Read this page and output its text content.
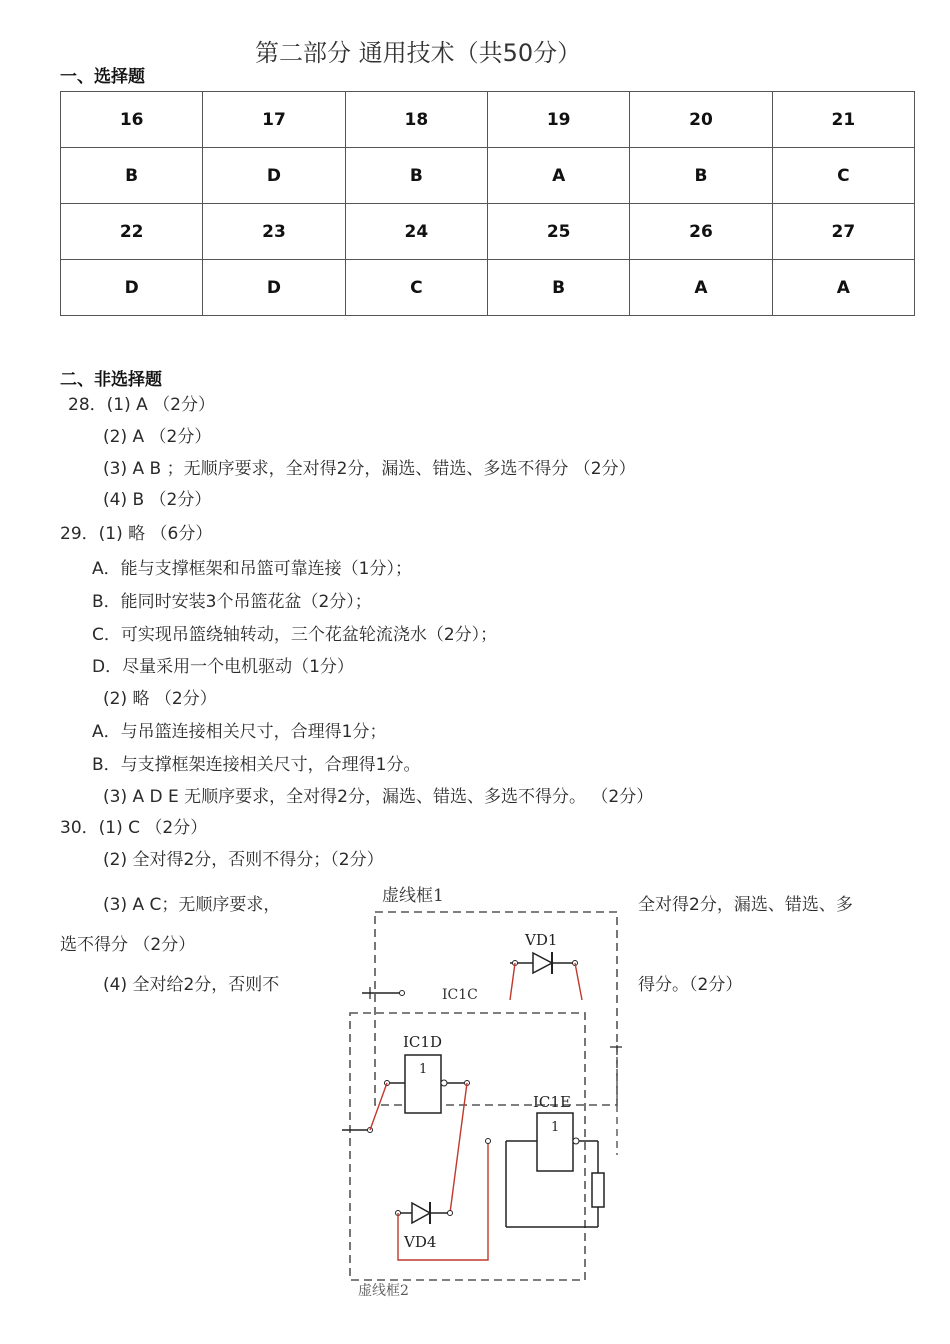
第二部分 通用技术（共50分）
一、选择题
16	17	18	19	20	21
B	D	B	A	B	C
22	23	24	25	26	27
D	D	C	B	A	A
二、非选择题
28．(1) A （2分）
(2) A （2分）
(3) A B ；无顺序要求，全对得2分，漏选、错选、多选不得分 （2分）
(4) B （2分）
29．(1) 略 （6分）
A．能与支撑框架和吊篮可靠连接（1分）；
B．能同时安装3个吊篮花盆（2分）；
C．可实现吊篮绕轴转动，三个花盆轮流浇水（2分）；
D．尽量采用一个电机驱动（1分）
(2) 略 （2分）
A．与吊篮连接相关尺寸，合理得1分；
B．与支撑框架连接相关尺寸，合理得1分。
(3) A D E 无顺序要求，全对得2分，漏选、错选、多选不得分。 （2分）
30．(1) C （2分）
(2) 全对得2分，否则不得分；（2分）
(3) A C；无顺序要求，	全对得2分，漏选、错选、多
选不得分 （2分）
(4) 全对给2分，否则不	得分。（2分）
虚线框1
虚线框2
VD1
IC1C
IC1D
1
VD4
IC1E
1
